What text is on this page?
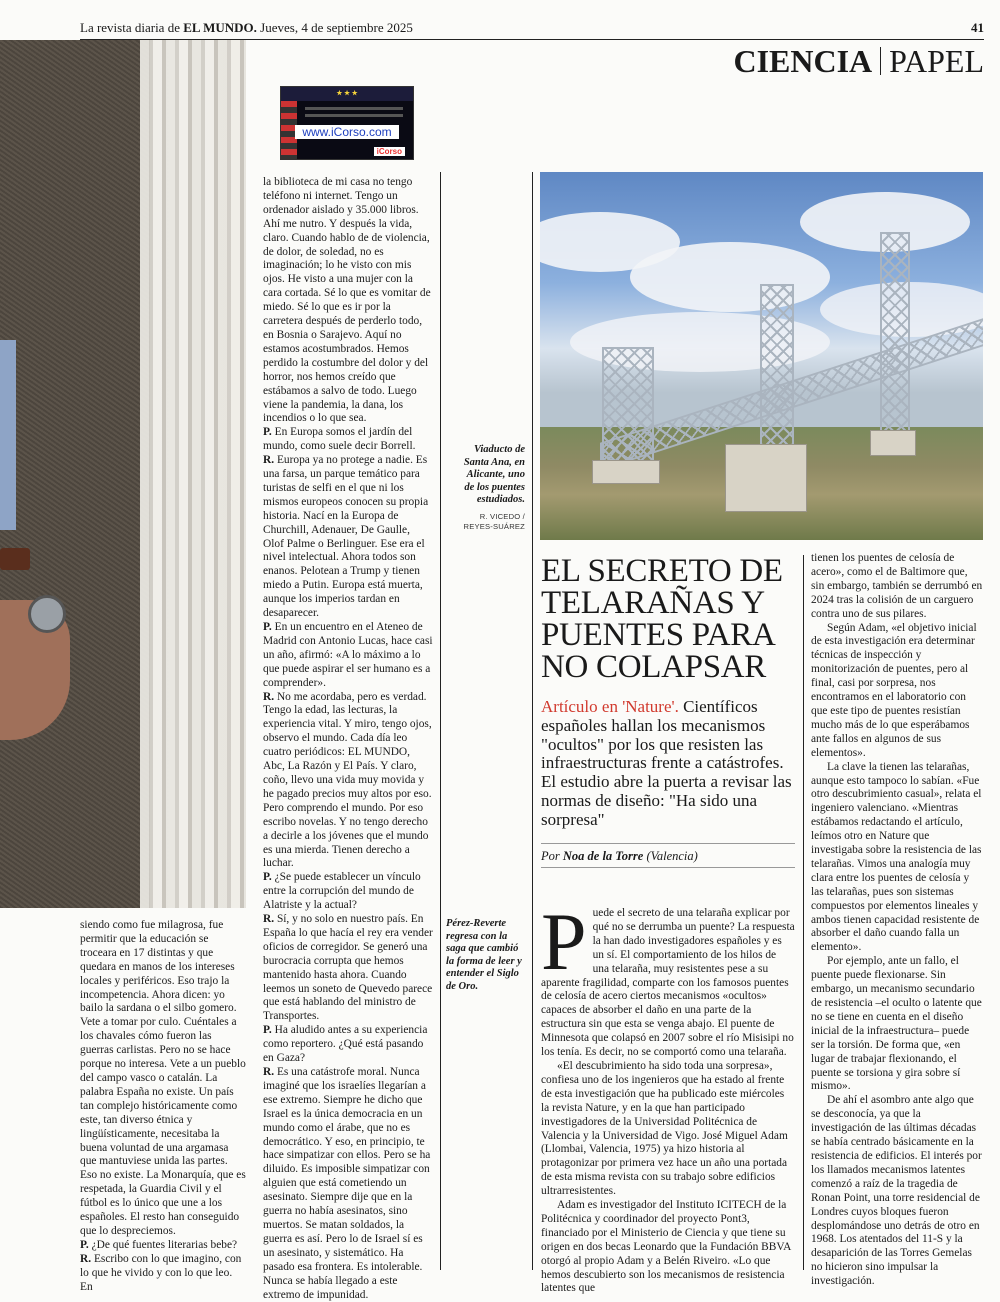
La revista diaria de EL MUNDO. Jueves, 4 de septiembre 2025	41
CIENCIA PAPEL
★ ★ ★
www.iCorso.com
iCorso

la biblioteca de mi casa no tengo teléfono ni internet. Tengo un ordenador aislado y 35.000 libros. Ahí me nutro. Y después la vida, claro. Cuando hablo de de violencia, de dolor, de soledad, no es imaginación; lo he visto con mis ojos. He visto a una mujer con la cara cortada. Sé lo que es vomitar de miedo. Sé lo que es ir por la carretera después de perderlo todo, en Bosnia o Sarajevo. Aquí no estamos acostumbrados. Hemos perdido la costumbre del dolor y del horror, nos hemos creído que estábamos a salvo de todo. Luego viene la pandemia, la dana, los incendios o lo que sea.

P. En Europa somos el jardín del mundo, como suele decir Borrell.

R. Europa ya no protege a nadie. Es una farsa, un parque temático para turistas de selfi en el que ni los mismos europeos conocen su propia historia. Nací en la Europa de Churchill, Adenauer, De Gaulle, Olof Palme o Berlinguer. Ese era el nivel intelectual. Ahora todos son enanos. Pelotean a Trump y tienen miedo a Putin. Europa está muerta, aunque los imperios tardan en desaparecer.

P. En un encuentro en el Ateneo de Madrid con Antonio Lucas, hace casi un año, afirmó: «A lo máximo a lo que puede aspirar el ser humano es a comprender».

R. No me acordaba, pero es verdad. Tengo la edad, las lecturas, la experiencia vital. Y miro, tengo ojos, observo el mundo. Cada día leo cuatro periódicos: EL MUNDO, Abc, La Razón y El País. Y claro, coño, llevo una vida muy movida y he pagado precios muy altos por eso. Pero comprendo el mundo. Por eso escribo novelas. Y no tengo derecho a decirle a los jóvenes que el mundo es una mierda. Tienen derecho a luchar.

P. ¿Se puede establecer un vínculo entre la corrupción del mundo de Alatriste y la actual?

R. Sí, y no solo en nuestro país. En España lo que hacía el rey era vender oficios de corregidor. Se generó una burocracia corrupta que hemos mantenido hasta ahora. Cuando leemos un soneto de Quevedo parece que está hablando del ministro de Transportes.

P. Ha aludido antes a su experiencia como reportero. ¿Qué está pasando en Gaza?

R. Es una catástrofe moral. Nunca imaginé que los israelíes llegarían a ese extremo. Siempre he dicho que Israel es la única democracia en un mundo como el árabe, que no es democrático. Y eso, en principio, te hace simpatizar con ellos. Pero se ha diluido. Es imposible simpatizar con alguien que está cometiendo un asesinato. Siempre dije que en la guerra no había asesinatos, sino muertos. Se matan soldados, la guerra es así. Pero lo de Israel sí es un asesinato, y sistemático. Ha pasado esa frontera. Es intolerable. Nunca se había llegado a este extremo de impunidad.

siendo como fue milagrosa, fue permitir que la educación se troceara en 17 distintas y que quedara en manos de los intereses locales y periféricos. Eso trajo la incompetencia. Ahora dicen: yo bailo la sardana o el silbo gomero. Vete a tomar por culo. Cuéntales a los chavales cómo fueron las guerras carlistas. Pero no se hace porque no interesa. Vete a un pueblo del campo vasco o catalán. La palabra España no existe. Un país tan complejo históricamente como este, tan diverso étnica y lingüísticamente, necesitaba la buena voluntad de una argamasa que mantuviese unida las partes. Eso no existe. La Monarquía, que es respetada, la Guardia Civil y el fútbol es lo único que une a los españoles. El resto han conseguido que lo despreciemos.

P. ¿De qué fuentes literarias bebe?

R. Escribo con lo que imagino, con lo que he vivido y con lo que leo. En

Viaducto de Santa Ana, en Alicante, uno de los puentes estudiados.
R. VICEDO / REYES-SUÁREZ
Pérez-Reverte regresa con la saga que cambió la forma de leer y entender el Siglo de Oro.
EL SECRETO DE TELARAÑAS Y PUENTES PARA NO COLAPSAR
Artículo en 'Nature'. Científicos españoles hallan los mecanismos "ocultos" por los que resisten las infraestructuras frente a catástrofes. El estudio abre la puerta a revisar las normas de diseño: "Ha sido una sorpresa"
Por Noa de la Torre (Valencia)
P uede el secreto de una telaraña explicar por qué no se derrumba un puente? La respuesta la han dado investigadores españoles y es un sí. El comportamiento de los hilos de una telaraña, muy resistentes pese a su aparente fragilidad, comparte con los famosos puentes de celosía de acero ciertos mecanismos «ocultos» capaces de absorber el daño en una parte de la estructura sin que esta se venga abajo. El puente de Minnesota que colapsó en 2007 sobre el río Misisipi no los tenía. Es decir, no se comportó como una telaraña.

«El descubrimiento ha sido toda una sorpresa», confiesa uno de los ingenieros que ha estado al frente de esta investigación que ha publicado este miércoles la revista Nature, y en la que han participado investigadores de la Universidad Politécnica de Valencia y la Universidad de Vigo. José Miguel Adam (Llombai, Valencia, 1975) ya hizo historia al protagonizar por primera vez hace un año una portada de esta misma revista con su trabajo sobre edificios ultrarresistentes.

Adam es investigador del Instituto ICITECH de la Politécnica y coordinador del proyecto Pont3, financiado por el Ministerio de Ciencia y que tiene su origen en dos becas Leonardo que la Fundación BBVA otorgó al propio Adam y a Belén Riveiro. «Lo que hemos descubierto son los mecanismos de resistencia latentes que

tienen los puentes de celosía de acero», como el de Baltimore que, sin embargo, también se derrumbó en 2024 tras la colisión de un carguero contra uno de sus pilares.

Según Adam, «el objetivo inicial de esta investigación era determinar técnicas de inspección y monitorización de puentes, pero al final, casi por sorpresa, nos encontramos en el laboratorio con que este tipo de puentes resistían mucho más de lo que esperábamos ante fallos en algunos de sus elementos».

La clave la tienen las telarañas, aunque esto tampoco lo sabían. «Fue otro descubrimiento casual», relata el ingeniero valenciano. «Mientras estábamos redactando el artículo, leímos otro en Nature que investigaba sobre la resistencia de las telarañas. Vimos una analogía muy clara entre los puentes de celosía y las telarañas, pues son sistemas compuestos por elementos lineales y ambos tienen capacidad resistente de absorber el daño cuando falla un elemento».

Por ejemplo, ante un fallo, el puente puede flexionarse. Sin embargo, un mecanismo secundario de resistencia –el oculto o latente que no se tiene en cuenta en el diseño inicial de la infraestructura– puede ser la torsión. De forma que, «en lugar de trabajar flexionando, el puente se torsiona y gira sobre sí mismo».

De ahí el asombro ante algo que se desconocía, ya que la investigación de las últimas décadas se había centrado básicamente en la resistencia de edificios. El interés por los llamados mecanismos latentes comenzó a raíz de la tragedia de Ronan Point, una torre residencial de Londres cuyos bloques fueron desplomándose uno detrás de otro en 1968. Los atentados del 11-S y la desaparición de las Torres Gemelas no hicieron sino impulsar la investigación.
